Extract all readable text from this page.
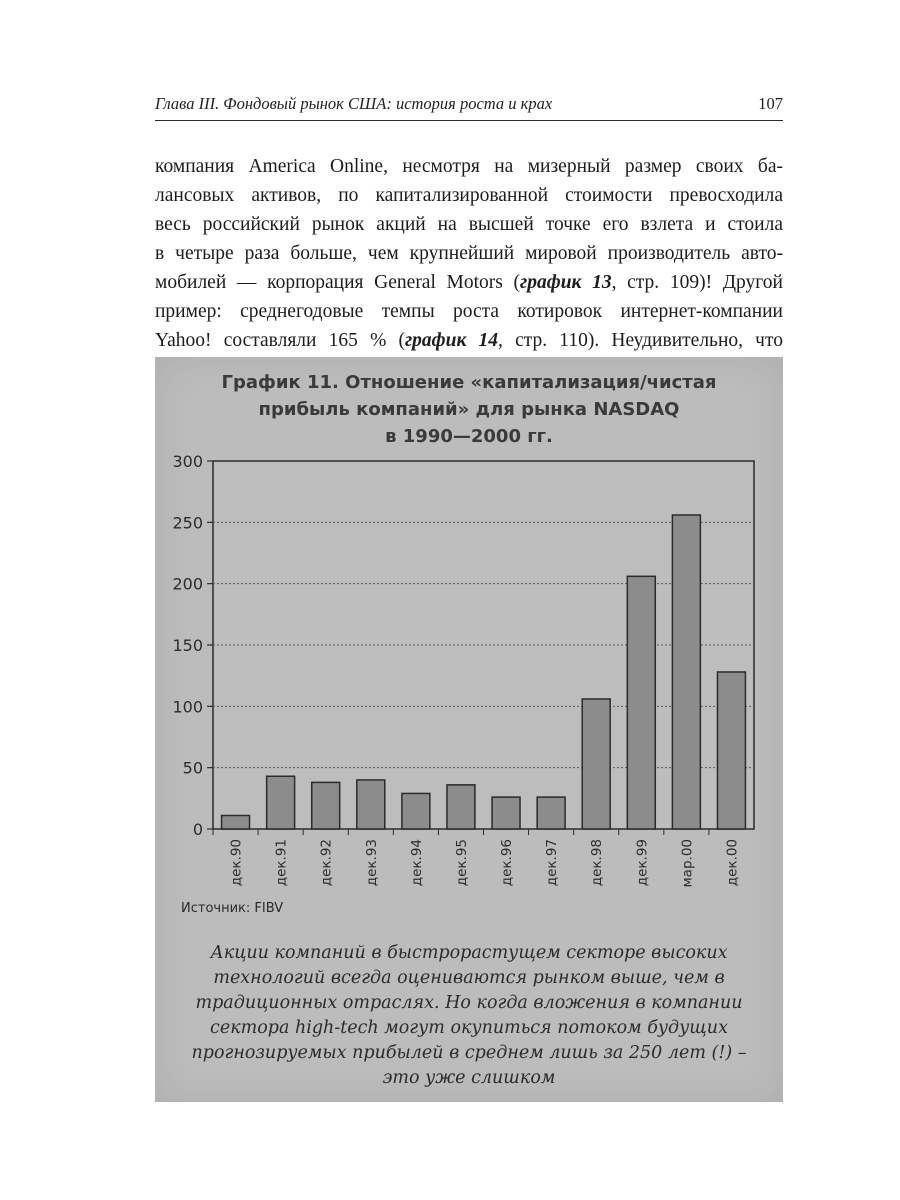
Глава III. Фондовый рынок США: история роста и крах	107

компания America Online, несмотря на мизерный размер своих ба-
лансовых активов, по капитализированной стоимости превосходила
весь российский рынок акций на высшей точке его взлета и стоила
в четыре раза больше, чем крупнейший мировой производитель авто-
мобилей — корпорация General Motors (график 13, стр. 109)! Другой
пример: среднегодовые темпы роста котировок интернет-компании
Yahoo! составляли 165 % (график 14, стр. 110). Неудивительно, что

График 11. Отношение «капитализация/чистая
прибыль компаний» для рынка NASDAQ
в 1990—2000 гг.
0
50
100
150
200
250
300
дек.90 дек.91 дек.92 дек.93 дек.94 дек.95 дек.96 дек.97 дек.98 дек.99 мар.00 дек.00
Источник: FIBV
Акции компаний в быстрорастущем секторе высоких
технологий всегда оцениваются рынком выше, чем в
традиционных отраслях. Но когда вложения в компании
сектора high-tech могут окупиться потоком будущих
прогнозируемых прибылей в среднем лишь за 250 лет (!) –
это уже слишком
